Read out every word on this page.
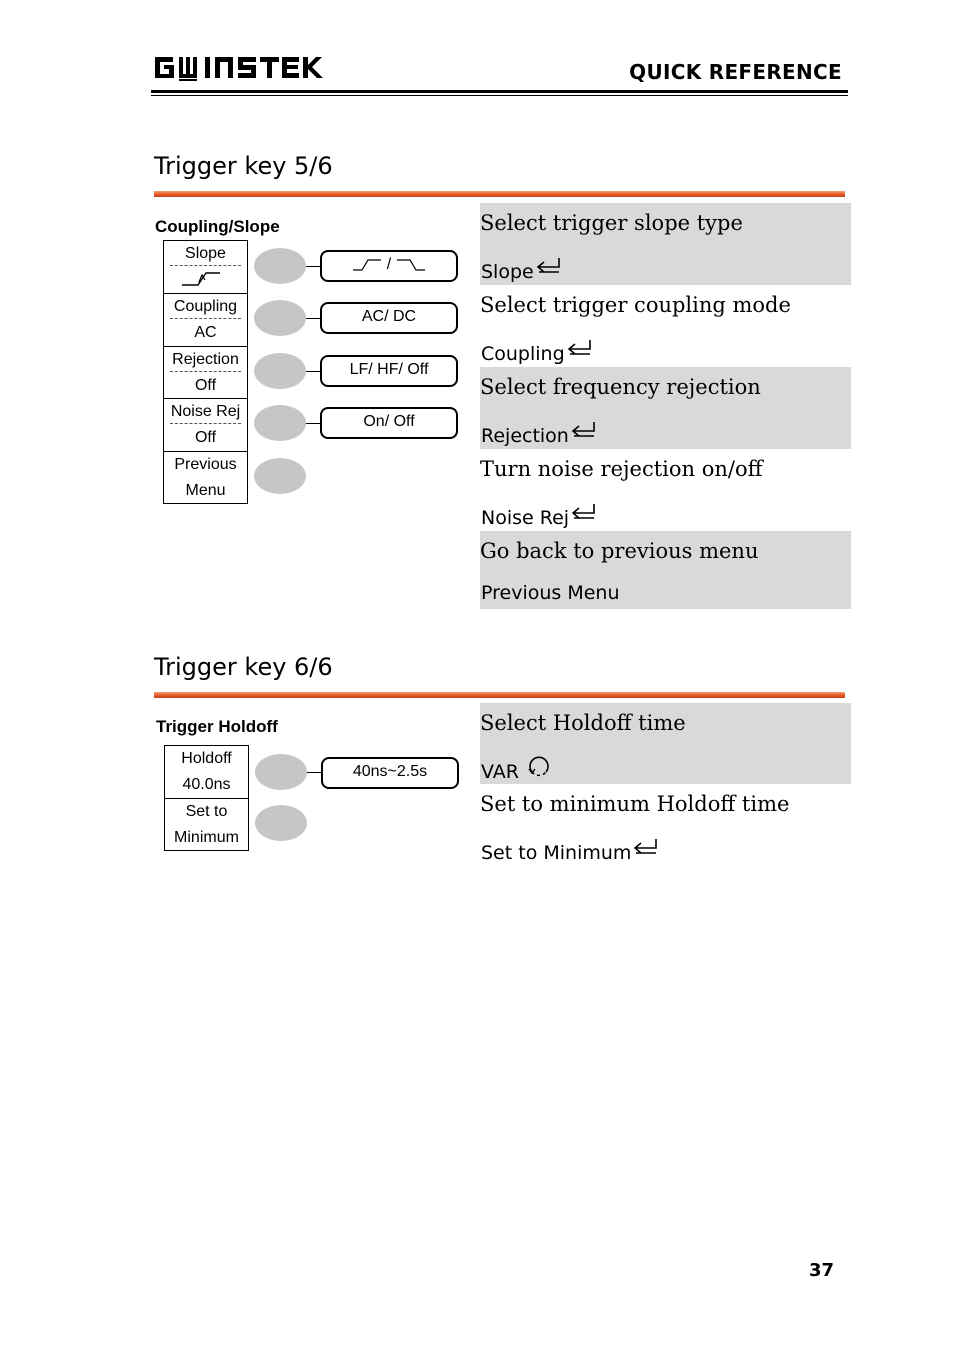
QUICK REFERENCE
Trigger key 5/6
Coupling/Slope
Slope
Coupling
AC
Rejection
Off
Noise Rej
Off
Previous
Menu
/
AC/ DC
LF/ HF/ Off
On/ Off
Select trigger slope type
Slope
Select trigger coupling mode
Coupling
Select frequency rejection
Rejection
Turn noise rejection on/off
Noise Rej
Go back to previous menu
Previous Menu
Trigger key 6/6
Trigger Holdoff
Holdoff
40.0ns
Set to
Minimum
40ns~2.5s
Select Holdoff time
VAR
Set to minimum Holdoff time
Set to Minimum
37
